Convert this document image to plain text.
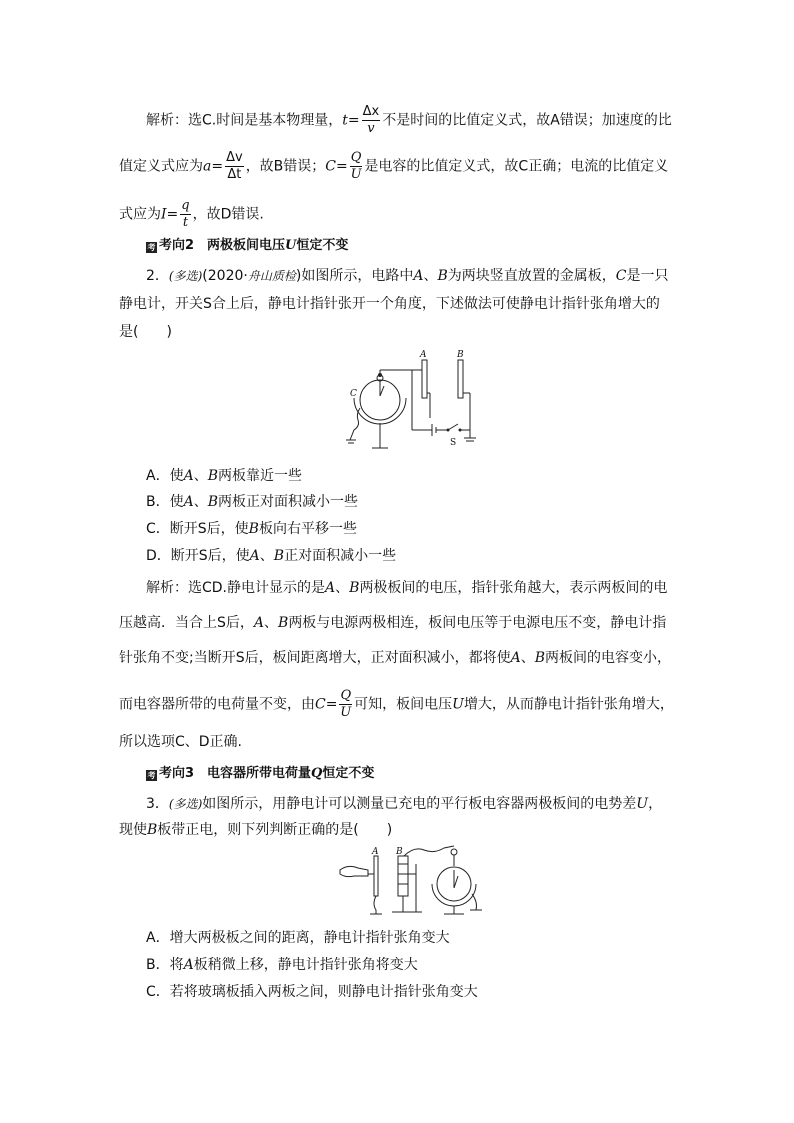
解析：选C.时间是基本物理量，$t= \frac{\Delta x}{v}$ 不是时间的比值定义式，故A错误；加速度的比
值定义式应为$a= \frac{\Delta v}{\Delta t}$ ，故B错误；$C= \frac{Q}{U}$ 是电容的比值定义式，故C正确；电流的比值定义
式应为$I= \frac{q}{t}$ ，故D错误.
考 考向2　两极板间电压U恒定不变
2．(多选)(2020·舟山质检)如图所示，电路中A、B为两块竖直放置的金属板，C是一只
静电计，开关S合上后，静电计指针张开一个角度，下述做法可使静电计指针张角增大的
是(　　)
A	B
C
S
A．使A、B两板靠近一些
B．使A、B两板正对面积减小一些
C．断开S后，使B板向右平移一些
D．断开S后，使A、B正对面积减小一些
解析：选CD.静电计显示的是A、B两极板间的电压，指针张角越大，表示两板间的电
压越高．当合上S后，A、B两板与电源两极相连，板间电压等于电源电压不变，静电计指
针张角不变;当断开S后，板间距离增大，正对面积减小，都将使A、B两板间的电容变小，
而电容器所带的电荷量不变，由$C= \frac{Q}{U}$ 可知，板间电压U增大，从而静电计指针张角增大，
所以选项C、D正确.
考 考向3　电容器所带电荷量Q恒定不变
3．(多选)如图所示，用静电计可以测量已充电的平行板电容器两极板间的电势差U，
现使B板带正电，则下列判断正确的是(　　)
A B
A．增大两极板之间的距离，静电计指针张角变大
B．将A板稍微上移，静电计指针张角将变大
C．若将玻璃板插入两板之间，则静电计指针张角变大
